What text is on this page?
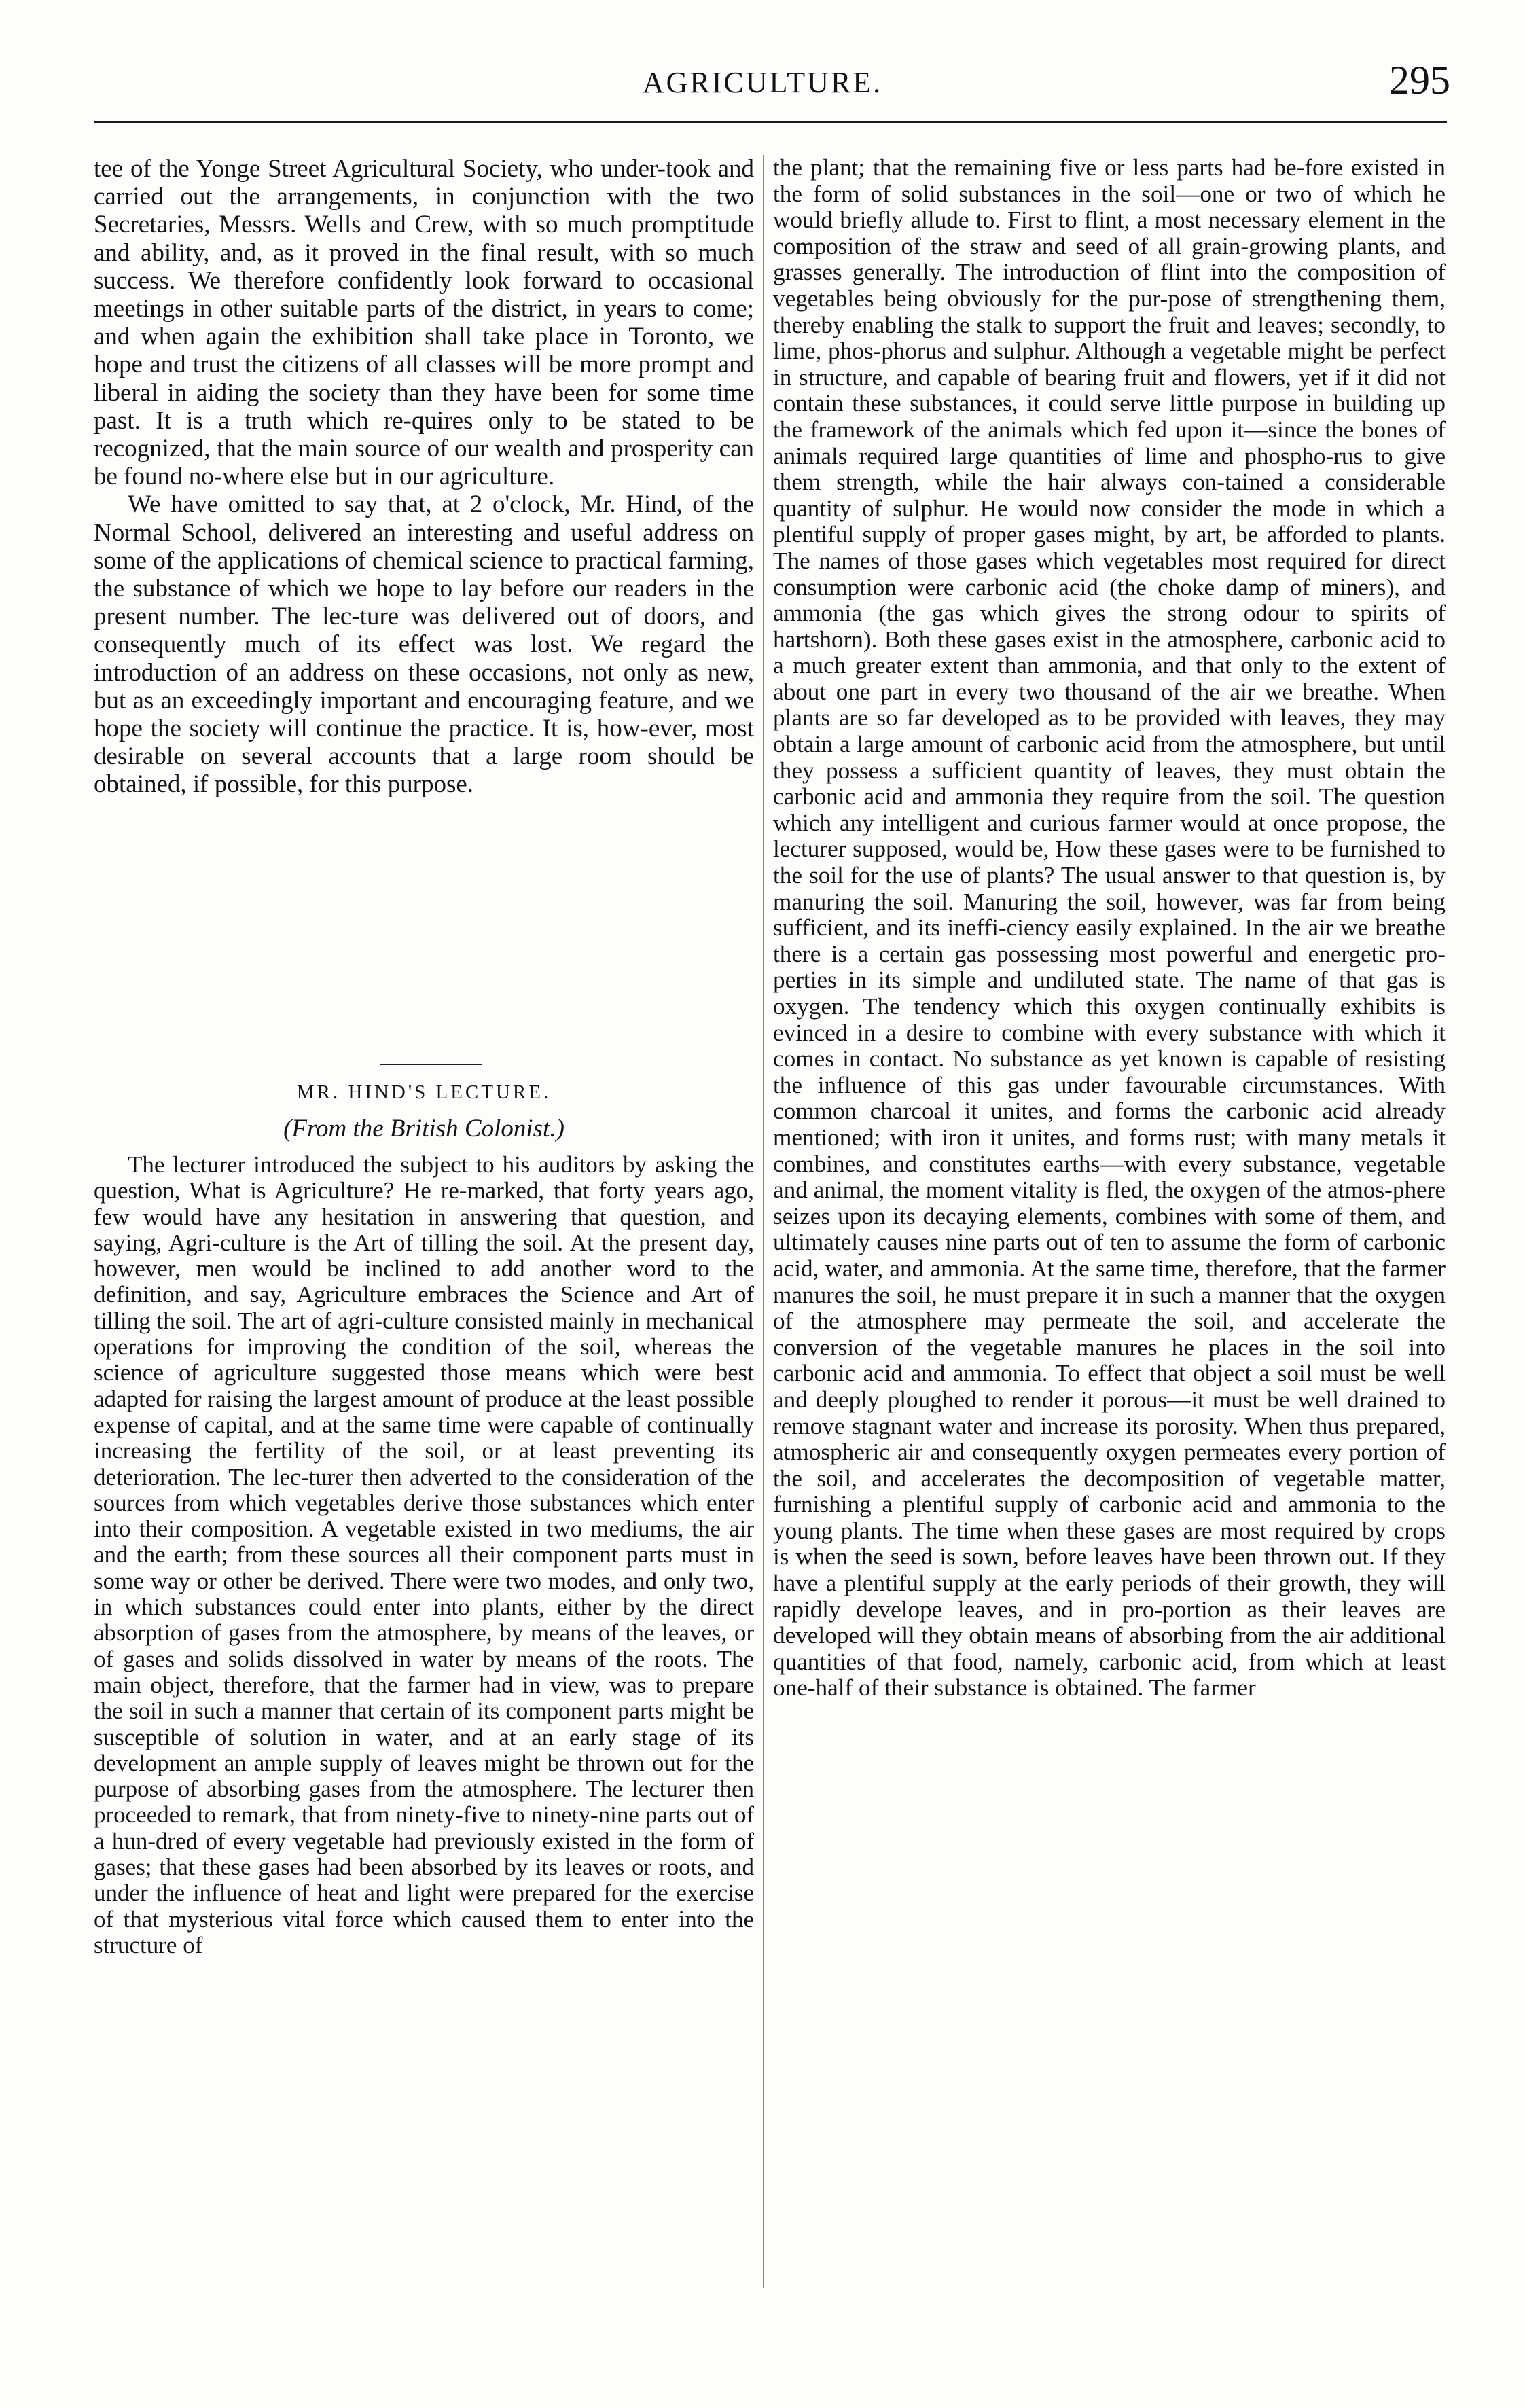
AGRICULTURE.	295

tee of the Yonge Street Agricultural Society, who under-took and carried out the arrangements, in conjunction with the two Secretaries, Messrs. Wells and Crew, with so much promptitude and ability, and, as it proved in the final result, with so much success. We therefore confidently look forward to occasional meetings in other suitable parts of the district, in years to come; and when again the exhibition shall take place in Toronto, we hope and trust the citizens of all classes will be more prompt and liberal in aiding the society than they have been for some time past. It is a truth which re-quires only to be stated to be recognized, that the main source of our wealth and prosperity can be found no-where else but in our agriculture.

We have omitted to say that, at 2 o'clock, Mr. Hind, of the Normal School, delivered an interesting and useful address on some of the applications of chemical science to practical farming, the substance of which we hope to lay before our readers in the present number. The lec-ture was delivered out of doors, and consequently much of its effect was lost. We regard the introduction of an address on these occasions, not only as new, but as an exceedingly important and encouraging feature, and we hope the society will continue the practice. It is, how-ever, most desirable on several accounts that a large room should be obtained, if possible, for this purpose.

MR. HIND'S LECTURE.
(From the British Colonist.)

The lecturer introduced the subject to his auditors by asking the question, What is Agriculture? He re-marked, that forty years ago, few would have any hesitation in answering that question, and saying, Agri-culture is the Art of tilling the soil. At the present day, however, men would be inclined to add another word to the definition, and say, Agriculture embraces the Science and Art of tilling the soil. The art of agri-culture consisted mainly in mechanical operations for improving the condition of the soil, whereas the science of agriculture suggested those means which were best adapted for raising the largest amount of produce at the least possible expense of capital, and at the same time were capable of continually increasing the fertility of the soil, or at least preventing its deterioration. The lec-turer then adverted to the consideration of the sources from which vegetables derive those substances which enter into their composition. A vegetable existed in two mediums, the air and the earth; from these sources all their component parts must in some way or other be derived. There were two modes, and only two, in which substances could enter into plants, either by the direct absorption of gases from the atmosphere, by means of the leaves, or of gases and solids dissolved in water by means of the roots. The main object, therefore, that the farmer had in view, was to prepare the soil in such a manner that certain of its component parts might be susceptible of solution in water, and at an early stage of its development an ample supply of leaves might be thrown out for the purpose of absorbing gases from the atmosphere. The lecturer then proceeded to remark, that from ninety-five to ninety-nine parts out of a hun-dred of every vegetable had previously existed in the form of gases; that these gases had been absorbed by its leaves or roots, and under the influence of heat and light were prepared for the exercise of that mysterious vital force which caused them to enter into the structure of

the plant; that the remaining five or less parts had be-fore existed in the form of solid substances in the soil—one or two of which he would briefly allude to. First to flint, a most necessary element in the composition of the straw and seed of all grain-growing plants, and grasses generally. The introduction of flint into the composition of vegetables being obviously for the pur-pose of strengthening them, thereby enabling the stalk to support the fruit and leaves; secondly, to lime, phos-phorus and sulphur. Although a vegetable might be perfect in structure, and capable of bearing fruit and flowers, yet if it did not contain these substances, it could serve little purpose in building up the framework of the animals which fed upon it—since the bones of animals required large quantities of lime and phospho-rus to give them strength, while the hair always con-tained a considerable quantity of sulphur. He would now consider the mode in which a plentiful supply of proper gases might, by art, be afforded to plants. The names of those gases which vegetables most required for direct consumption were carbonic acid (the choke damp of miners), and ammonia (the gas which gives the strong odour to spirits of hartshorn). Both these gases exist in the atmosphere, carbonic acid to a much greater extent than ammonia, and that only to the extent of about one part in every two thousand of the air we breathe. When plants are so far developed as to be provided with leaves, they may obtain a large amount of carbonic acid from the atmosphere, but until they possess a sufficient quantity of leaves, they must obtain the carbonic acid and ammonia they require from the soil. The question which any intelligent and curious farmer would at once propose, the lecturer supposed, would be, How these gases were to be furnished to the soil for the use of plants? The usual answer to that question is, by manuring the soil. Manuring the soil, however, was far from being sufficient, and its ineffi-ciency easily explained. In the air we breathe there is a certain gas possessing most powerful and energetic pro-perties in its simple and undiluted state. The name of that gas is oxygen. The tendency which this oxygen continually exhibits is evinced in a desire to combine with every substance with which it comes in contact. No substance as yet known is capable of resisting the influence of this gas under favourable circumstances. With common charcoal it unites, and forms the carbonic acid already mentioned; with iron it unites, and forms rust; with many metals it combines, and constitutes earths—with every substance, vegetable and animal, the moment vitality is fled, the oxygen of the atmos-phere seizes upon its decaying elements, combines with some of them, and ultimately causes nine parts out of ten to assume the form of carbonic acid, water, and ammonia. At the same time, therefore, that the farmer manures the soil, he must prepare it in such a manner that the oxygen of the atmosphere may permeate the soil, and accelerate the conversion of the vegetable manures he places in the soil into carbonic acid and ammonia. To effect that object a soil must be well and deeply ploughed to render it porous—it must be well drained to remove stagnant water and increase its porosity. When thus prepared, atmospheric air and consequently oxygen permeates every portion of the soil, and accelerates the decomposition of vegetable matter, furnishing a plentiful supply of carbonic acid and ammonia to the young plants. The time when these gases are most required by crops is when the seed is sown, before leaves have been thrown out. If they have a plentiful supply at the early periods of their growth, they will rapidly develope leaves, and in pro-portion as their leaves are developed will they obtain means of absorbing from the air additional quantities of that food, namely, carbonic acid, from which at least one-half of their substance is obtained. The farmer
